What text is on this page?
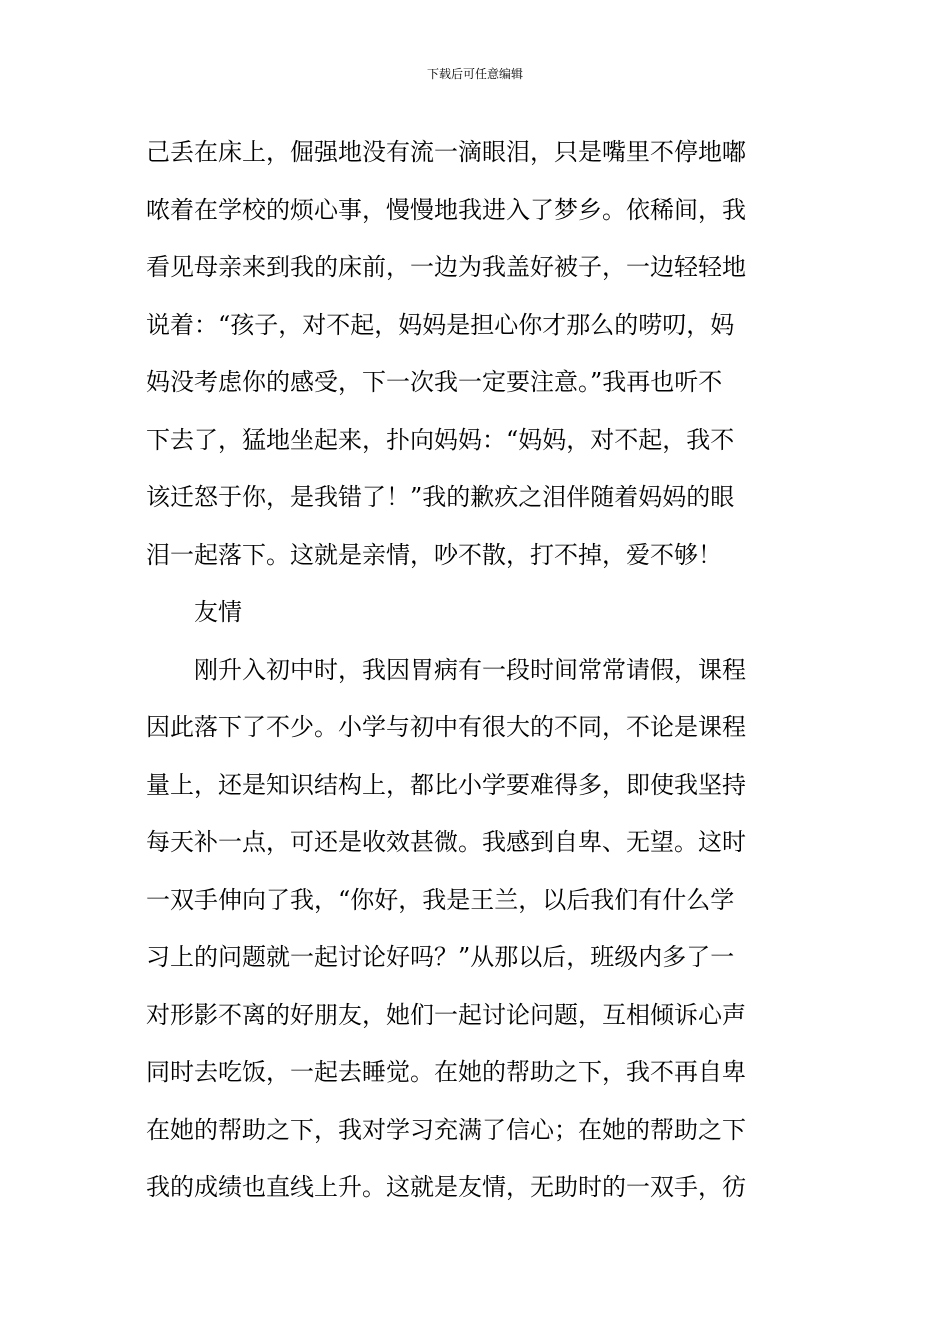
下载后可任意编辑
己丢在床上，倔强地没有流一滴眼泪，只是嘴里不停地嘟
哝着在学校的烦心事，慢慢地我进入了梦乡。依稀间，我
看见母亲来到我的床前，一边为我盖好被子，一边轻轻地
说着：“孩子，对不起，妈妈是担心你才那么的唠叨，妈
妈没考虑你的感受，下一次我一定要注意。”我再也听不
下去了，猛地坐起来，扑向妈妈：“妈妈，对不起，我不
该迁怒于你，是我错了！”我的歉疚之泪伴随着妈妈的眼
泪一起落下。这就是亲情，吵不散，打不掉，爱不够！
友情
刚升入初中时，我因胃病有一段时间常常请假，课程
因此落下了不少。小学与初中有很大的不同，不论是课程
量上，还是知识结构上，都比小学要难得多，即使我坚持
每天补一点，可还是收效甚微。我感到自卑、无望。这时
一双手伸向了我，“你好，我是王兰，以后我们有什么学
习上的问题就一起讨论好吗？”从那以后，班级内多了一
对形影不离的好朋友，她们一起讨论问题，互相倾诉心声
同时去吃饭，一起去睡觉。在她的帮助之下，我不再自卑
在她的帮助之下，我对学习充满了信心；在她的帮助之下
我的成绩也直线上升。这就是友情，无助时的一双手，彷
